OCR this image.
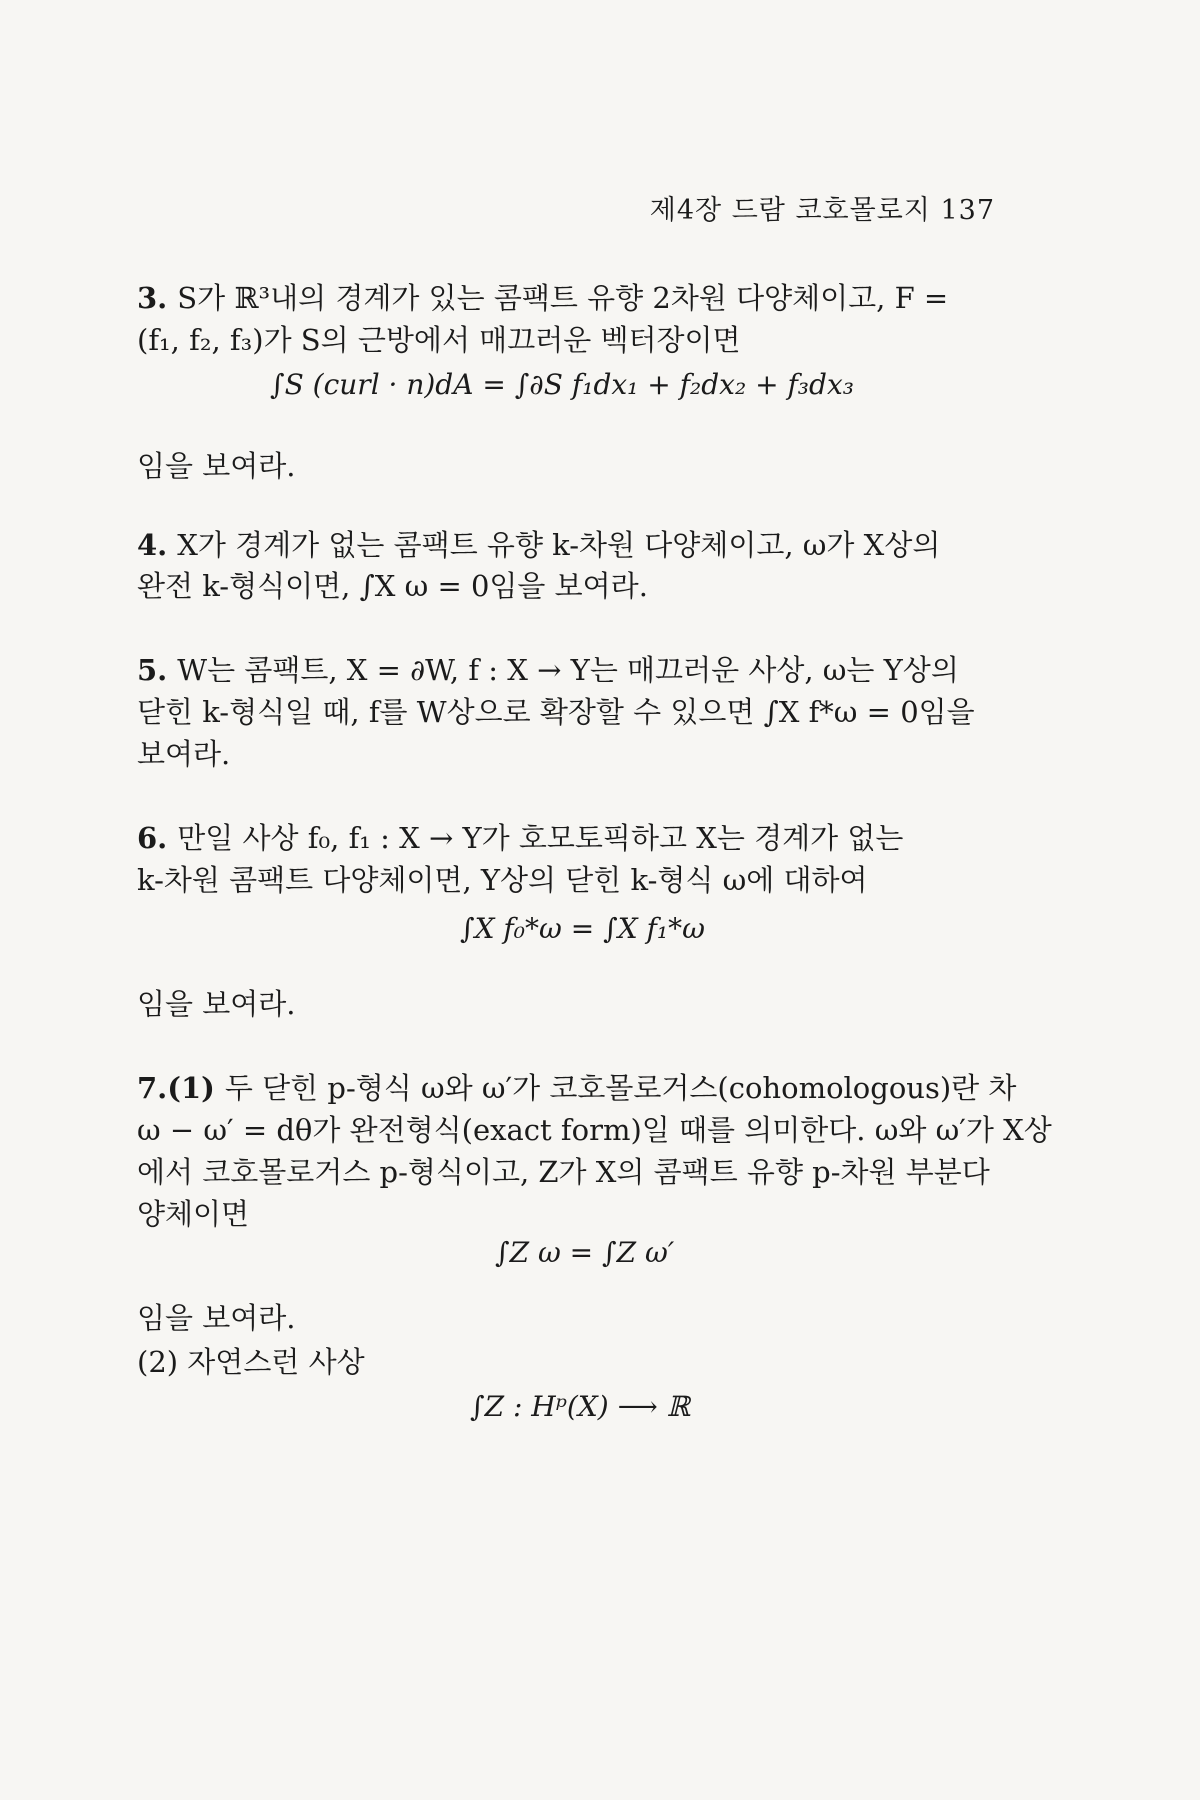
제4장 드람 코호몰로지 137
3. S가 ℝ³내의 경계가 있는 콤팩트 유향 2차원 다양체이고, F =
(f₁, f₂, f₃)가 S의 근방에서 매끄러운 벡터장이면
∫S (curl · n)dA = ∫∂S f₁dx₁ + f₂dx₂ + f₃dx₃
임을 보여라.
4. X가 경계가 없는 콤팩트 유향 k-차원 다양체이고, ω가 X상의
완전 k-형식이면, ∫X ω = 0임을 보여라.
5. W는 콤팩트, X = ∂W, f : X → Y는 매끄러운 사상, ω는 Y상의
닫힌 k-형식일 때, f를 W상으로 확장할 수 있으면 ∫X f*ω = 0임을
보여라.
6. 만일 사상 f₀, f₁ : X → Y가 호모토픽하고 X는 경계가 없는
k-차원 콤팩트 다양체이면, Y상의 닫힌 k-형식 ω에 대하여
∫X f₀*ω = ∫X f₁*ω
임을 보여라.
7.(1) 두 닫힌 p-형식 ω와 ω′가 코호몰로거스(cohomologous)란 차
ω − ω′ = dθ가 완전형식(exact form)일 때를 의미한다. ω와 ω′가 X상
에서 코호몰로거스 p-형식이고, Z가 X의 콤팩트 유향 p-차원 부분다
양체이면
∫Z ω = ∫Z ω′
임을 보여라.
(2) 자연스런 사상
∫Z : Hᵖ(X) ⟶ ℝ
